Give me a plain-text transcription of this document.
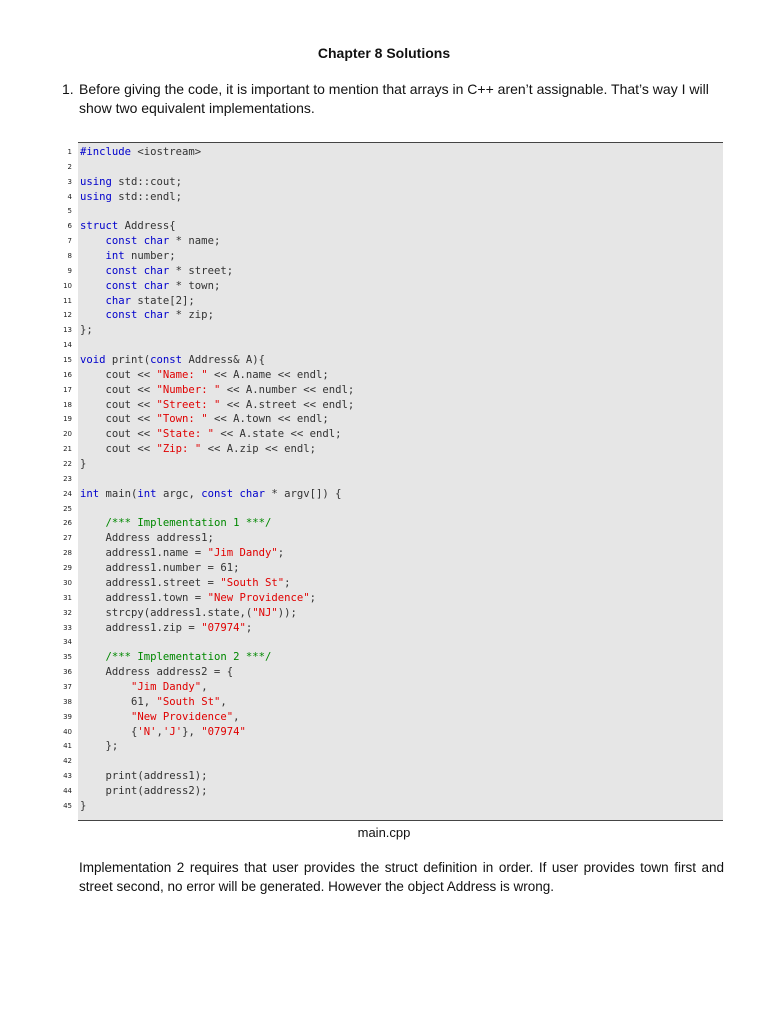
Chapter 8 Solutions
1. Before giving the code, it is important to mention that arrays in C++ aren’t assignable. That’s way I will show two equivalent implementations.
1
2
3
4
5
6
7
8
9
10
11
12
13
14
15
16
17
18
19
20
21
22
23
24
25
26
27
28
29
30
31
32
33
34
35
36
37
38
39
40
41
42
43
44
45
#include <iostream>
using std::cout;
using std::endl;
struct Address{
const char * name;
int number;
const char * street;
const char * town;
char state[2];
const char * zip;
};
void print(const Address& A){
cout << "Name: " << A.name << endl;
cout << "Number: " << A.number << endl;
cout << "Street: " << A.street << endl;
cout << "Town: " << A.town << endl;
cout << "State: " << A.state << endl;
cout << "Zip: " << A.zip << endl;
}
int main(int argc, const char * argv[]) {
/*** Implementation 1 ***/
Address address1;
address1.name = "Jim Dandy";
address1.number = 61;
address1.street = "South St";
address1.town = "New Providence";
strcpy(address1.state,("NJ"));
address1.zip = "07974";
/*** Implementation 2 ***/
Address address2 = {
"Jim Dandy",
61, "South St",
"New Providence",
{'N','J'}, "07974"
};
print(address1);
print(address2);
}

main.cpp

Implementation 2 requires that user provides the struct definition in order. If user provides town first and street second, no error will be generated. However the object Address is wrong.
